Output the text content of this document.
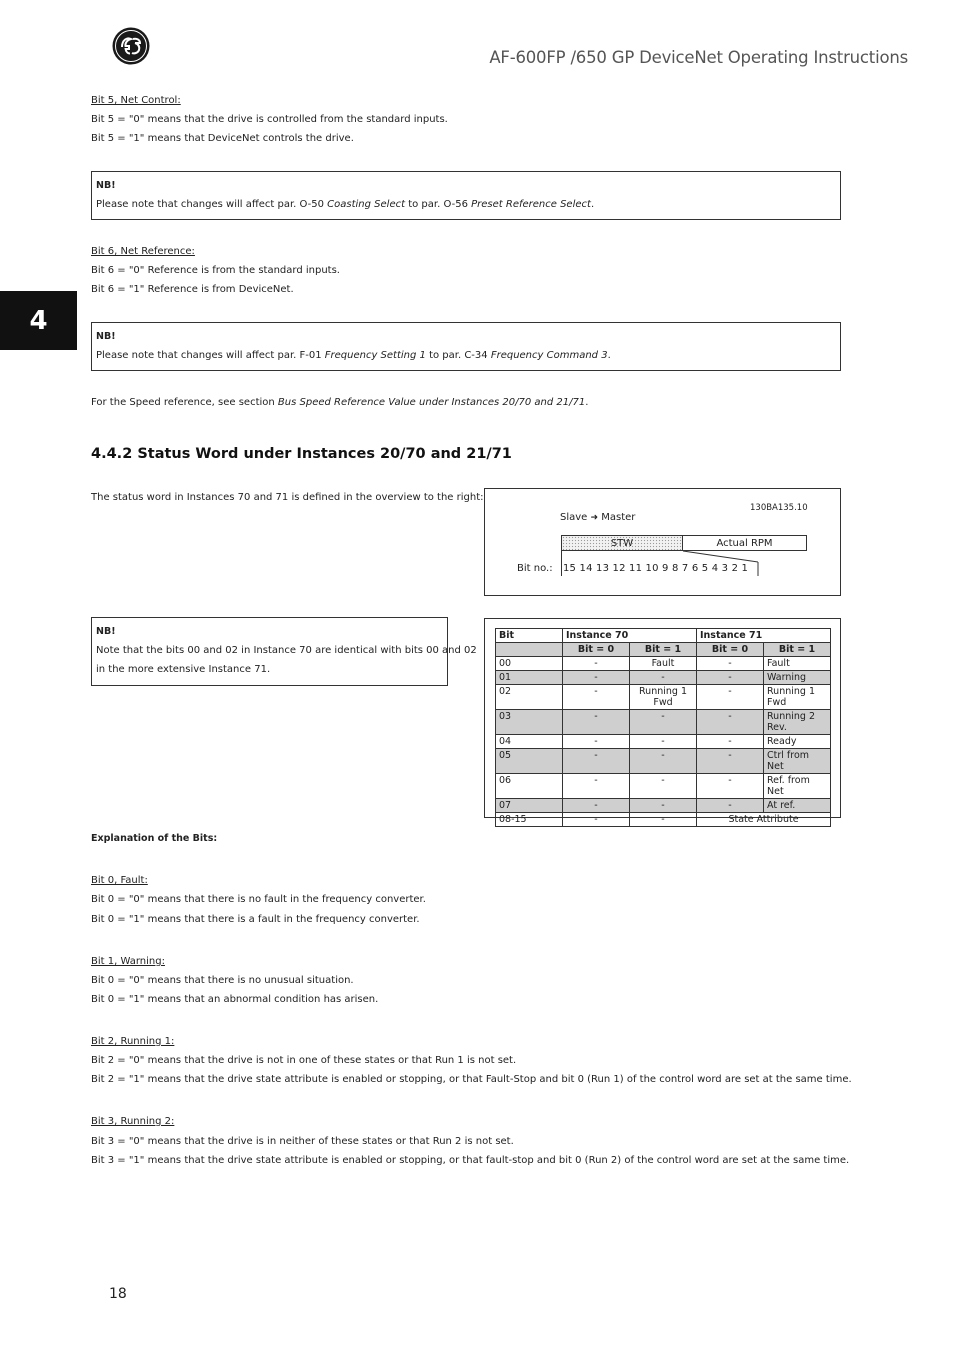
AF-600FP /650 GP DeviceNet Operating Instructions
4
Bit 5, Net Control:
Bit 5 = "0" means that the drive is controlled from the standard inputs.
Bit 5 = "1" means that DeviceNet controls the drive.
NB!
Please note that changes will affect par. O-50 Coasting Select to par. O-56 Preset Reference Select.
Bit 6, Net Reference:
Bit 6 = "0" Reference is from the standard inputs.
Bit 6 = "1" Reference is from DeviceNet.
NB!
Please note that changes will affect par. F-01 Frequency Setting 1 to par. C-34 Frequency Command 3.
For the Speed reference, see section Bus Speed Reference Value under Instances 20/70 and 21/71.
4.4.2 Status Word under Instances 20/70 and 21/71
The status word in Instances 70 and 71 is defined in the overview to the right:
130BA135.10
Slave ➜ Master
STW	Actual RPM
Bit no.: 15 14 13 12 11 10 9 8 7 6 5 4 3 2 1
NB!
Note that the bits 00 and 02 in Instance 70 are identical with bits 00 and 02
in the more extensive Instance 71.
Bit	Instance 70		Instance 71	
	Bit = 0	Bit = 1	Bit = 0	Bit = 1
00	-	Fault	-	Fault
01	-	-	-	Warning
02	-	Running 1 Fwd	-	Running 1 Fwd
03	-	-	-	Running 2 Rev.
04	-	-	-	Ready
05	-	-	-	Ctrl from Net
06	-	-	-	Ref. from Net
07	-	-	-	At ref.
08-15	-	-	State Attribute	
Explanation of the Bits:
Bit 0, Fault:
Bit 0 = "0" means that there is no fault in the frequency converter.
Bit 0 = "1" means that there is a fault in the frequency converter.
Bit 1, Warning:
Bit 0 = "0" means that there is no unusual situation.
Bit 0 = "1" means that an abnormal condition has arisen.
Bit 2, Running 1:
Bit 2 = "0" means that the drive is not in one of these states or that Run 1 is not set.
Bit 2 = "1" means that the drive state attribute is enabled or stopping, or that Fault-Stop and bit 0 (Run 1) of the control word are set at the same time.
Bit 3, Running 2:
Bit 3 = "0" means that the drive is in neither of these states or that Run 2 is not set.
Bit 3 = "1" means that the drive state attribute is enabled or stopping, or that fault-stop and bit 0 (Run 2) of the control word are set at the same time.
18
